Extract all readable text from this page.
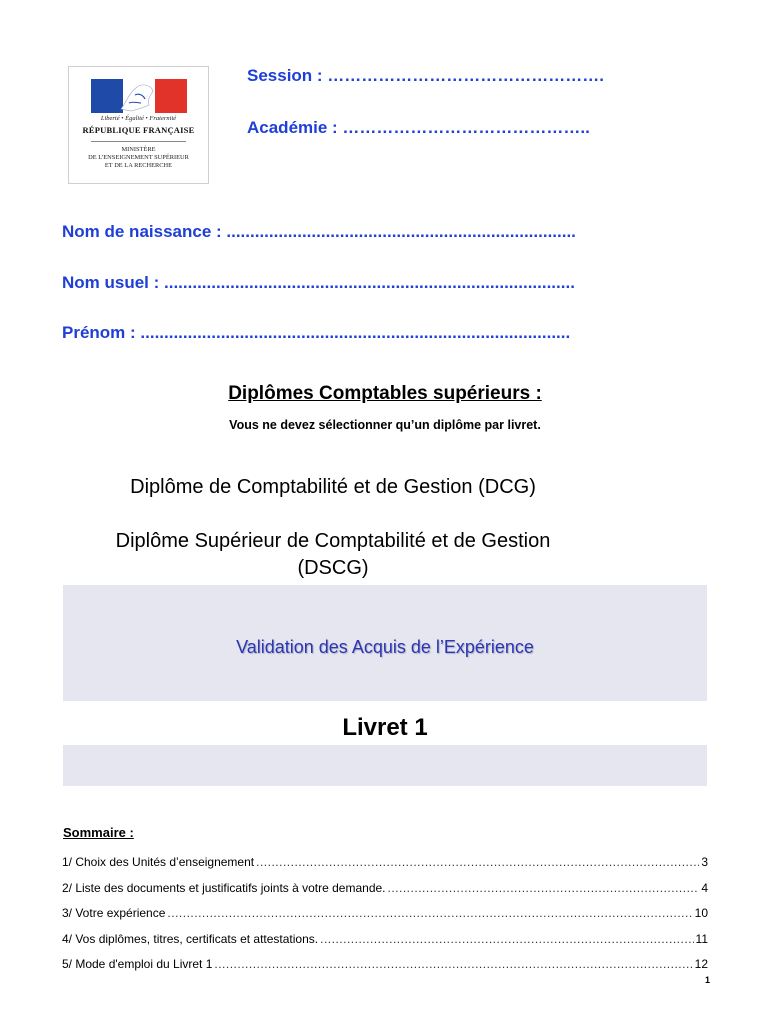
Liberté • Égalité • Fraternité
RÉPUBLIQUE FRANÇAISE
MINISTÈRE
DE L'ENSEIGNEMENT SUPÉRIEUR
ET DE LA RECHERCHE
Session : ………………………………………….
Académie : ……………………………………..
Nom de naissance : ..........................................................................
Nom usuel : .......................................................................................
Prénom : ...........................................................................................
Diplômes Comptables supérieurs :
Vous ne devez sélectionner qu’un diplôme par livret.
Diplôme de Comptabilité et de Gestion (DCG)
Diplôme Supérieur de Comptabilité et de Gestion
(DSCG)
Validation des Acquis de l’Expérience
Livret 1
Sommaire :
1/ Choix des Unités d’enseignement .....	3
2/ Liste des documents et justificatifs joints à votre demande. .....	4
3/ Votre expérience .....	10
4/ Vos diplômes, titres, certificats et attestations. .....	11
5/ Mode d'emploi du Livret 1 .....	12
1
